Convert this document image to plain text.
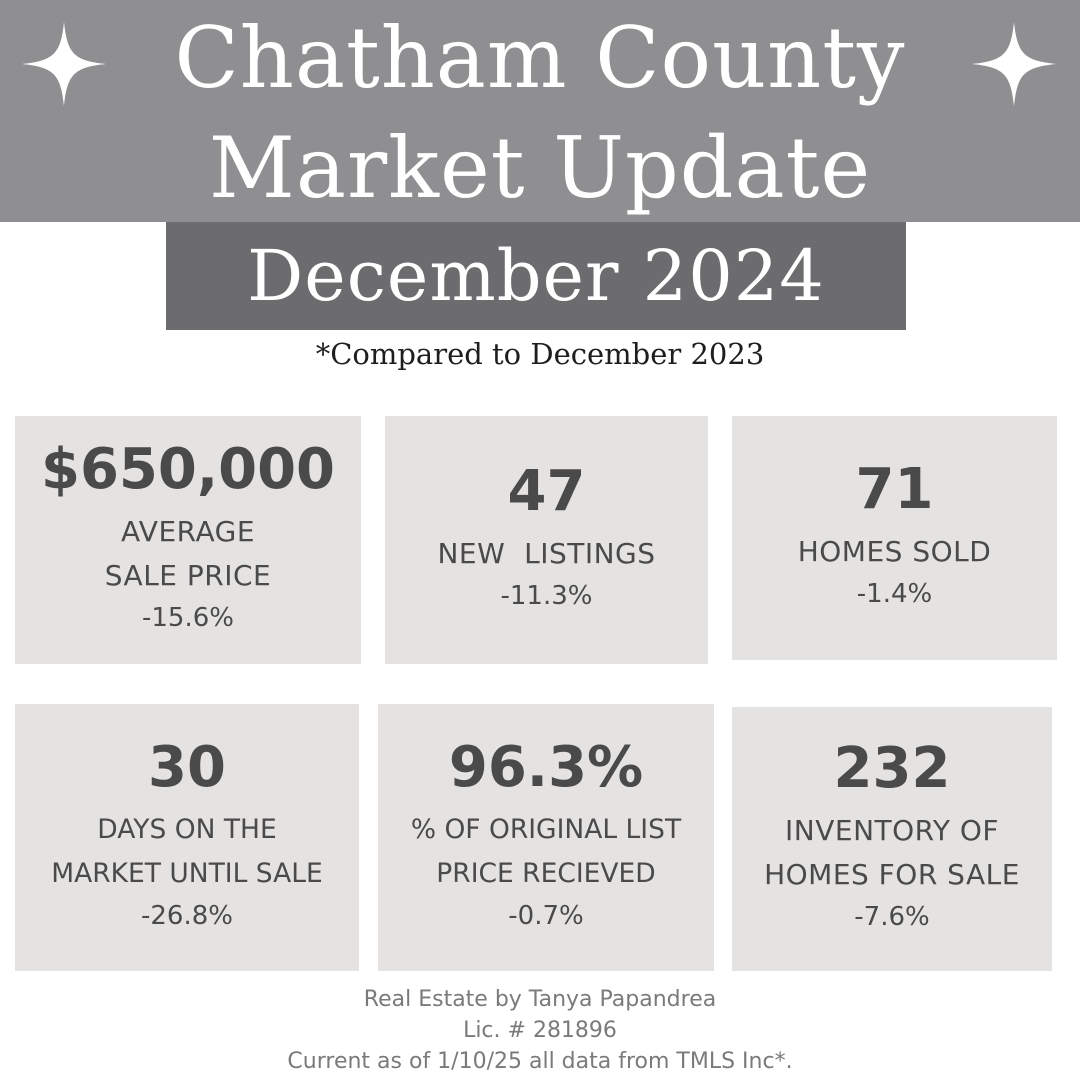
Chatham County
Market Update
December 2024
*Compared to December 2023
$650,000
AVERAGE
SALE PRICE
-15.6%
47
NEW  LISTINGS
-11.3%
71
HOMES SOLD
-1.4%
30
DAYS ON THE
MARKET UNTIL SALE
-26.8%
96.3%
% OF ORIGINAL LIST
PRICE RECIEVED
-0.7%
232
INVENTORY OF
HOMES FOR SALE
-7.6%
Real Estate by Tanya Papandrea
Lic. # 281896
Current as of 1/10/25 all data from TMLS Inc*.
